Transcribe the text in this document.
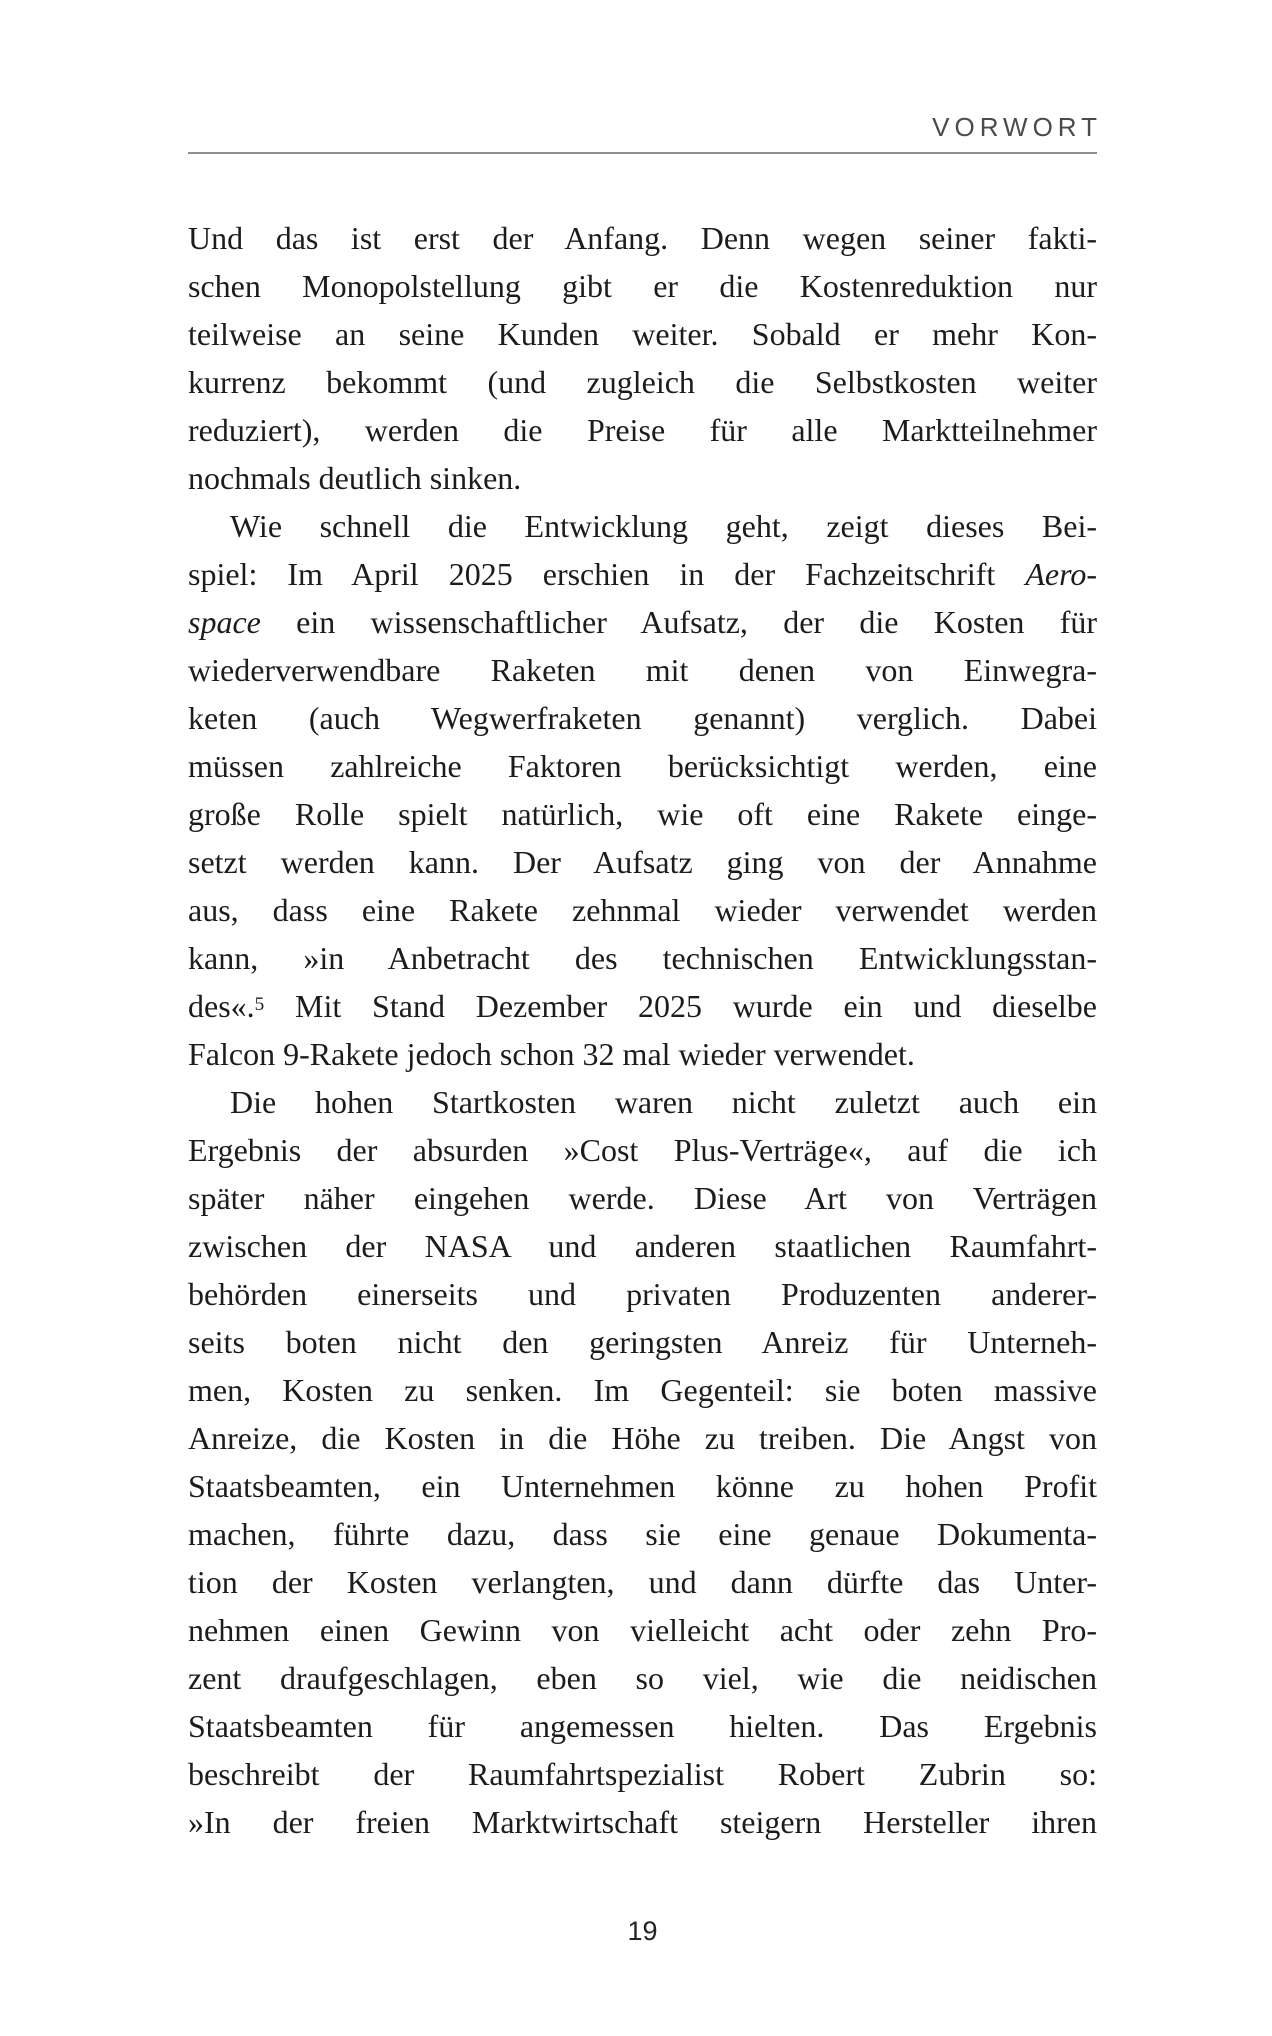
VORWORT
Und das ist erst der Anfang. Denn wegen seiner fakti-
schen Monopolstellung gibt er die Kostenreduktion nur
teilweise an seine Kunden weiter. Sobald er mehr Kon-
kurrenz bekommt (und zugleich die Selbstkosten weiter
reduziert), werden die Preise für alle Marktteilnehmer
nochmals deutlich sinken.
Wie schnell die Entwicklung geht, zeigt dieses Bei-
spiel: Im April 2025 erschien in der Fachzeitschrift Aero-
space ein wissenschaftlicher Aufsatz, der die Kosten für
wiederverwendbare Raketen mit denen von Einwegra-
keten (auch Wegwerfraketen genannt) verglich. Dabei
müssen zahlreiche Faktoren berücksichtigt werden, eine
große Rolle spielt natürlich, wie oft eine Rakete einge-
setzt werden kann. Der Aufsatz ging von der Annahme
aus, dass eine Rakete zehnmal wieder verwendet werden
kann, »in Anbetracht des technischen Entwicklungsstan-
des«.$^5$ Mit Stand Dezember 2025 wurde ein und dieselbe
Falcon 9-Rakete jedoch schon 32 mal wieder verwendet.
Die hohen Startkosten waren nicht zuletzt auch ein
Ergebnis der absurden »Cost Plus-Verträge«, auf die ich
später näher eingehen werde. Diese Art von Verträgen
zwischen der NASA und anderen staatlichen Raumfahrt-
behörden einerseits und privaten Produzenten anderer-
seits boten nicht den geringsten Anreiz für Unterneh-
men, Kosten zu senken. Im Gegenteil: sie boten massive
Anreize, die Kosten in die Höhe zu treiben. Die Angst von
Staatsbeamten, ein Unternehmen könne zu hohen Profit
machen, führte dazu, dass sie eine genaue Dokumenta-
tion der Kosten verlangten, und dann dürfte das Unter-
nehmen einen Gewinn von vielleicht acht oder zehn Pro-
zent draufgeschlagen, eben so viel, wie die neidischen
Staatsbeamten für angemessen hielten. Das Ergebnis
beschreibt der Raumfahrtspezialist Robert Zubrin so:
»In der freien Marktwirtschaft steigern Hersteller ihren
19
